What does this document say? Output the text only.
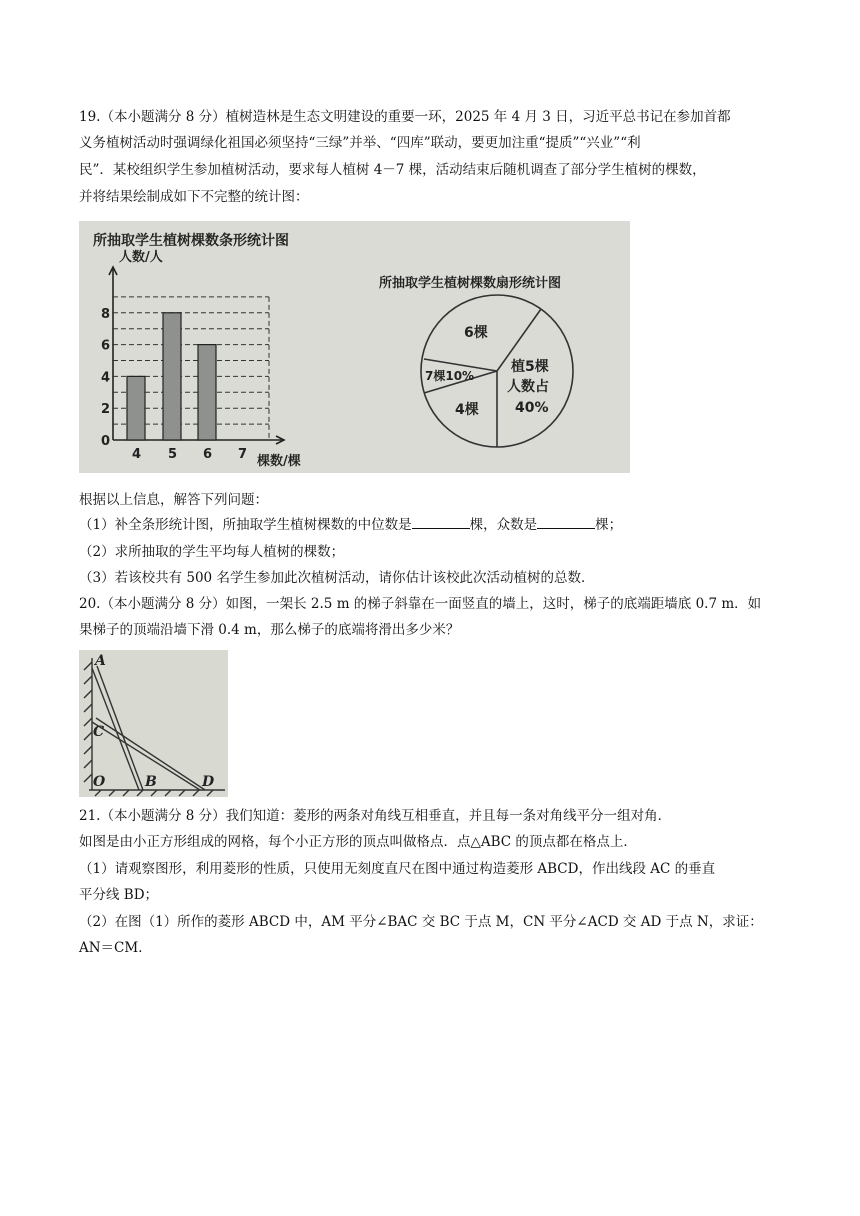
19.（本小题满分 8 分）植树造林是生态文明建设的重要一环，2025 年 4 月 3 日，习近平总书记在参加首都
义务植树活动时强调绿化祖国必须坚持“三绿”并举、“四库”联动，要更加注重“提质”“兴业”“利
民”．某校组织学生参加植树活动，要求每人植树 4－7 棵，活动结束后随机调查了部分学生植树的棵数，
并将结果绘制成如下不完整的统计图：
所抽取学生植树棵数条形统计图
人数/人
棵数/棵
0
2
4
6
8
4 5 6 7
所抽取学生植树棵数扇形统计图
6棵
植5棵
人数占
40%
4棵
7棵10%
根据以上信息，解答下列问题：
（1）补全条形统计图，所抽取学生植树棵数的中位数是	棵，众数是	棵；
（2）求所抽取的学生平均每人植树的棵数；
（3）若该校共有 500 名学生参加此次植树活动，请你估计该校此次活动植树的总数．
20.（本小题满分 8 分）如图，一架长 2.5 m 的梯子斜靠在一面竖直的墙上，这时，梯子的底端距墙底 0.7 m．如
果梯子的顶端沿墙下滑 0.4 m，那么梯子的底端将滑出多少米？
A
C
O	B	D
21.（本小题满分 8 分）我们知道：菱形的两条对角线互相垂直，并且每一条对角线平分一组对角．
如图是由小正方形组成的网格，每个小正方形的顶点叫做格点．点△ABC 的顶点都在格点上．
（1）请观察图形，利用菱形的性质，只使用无刻度直尺在图中通过构造菱形 ABCD，作出线段 AC 的垂直
平分线 BD；
（2）在图（1）所作的菱形 ABCD 中，AM 平分∠BAC 交 BC 于点 M，CN 平分∠ACD 交 AD 于点 N，求证：
AN＝CM．
